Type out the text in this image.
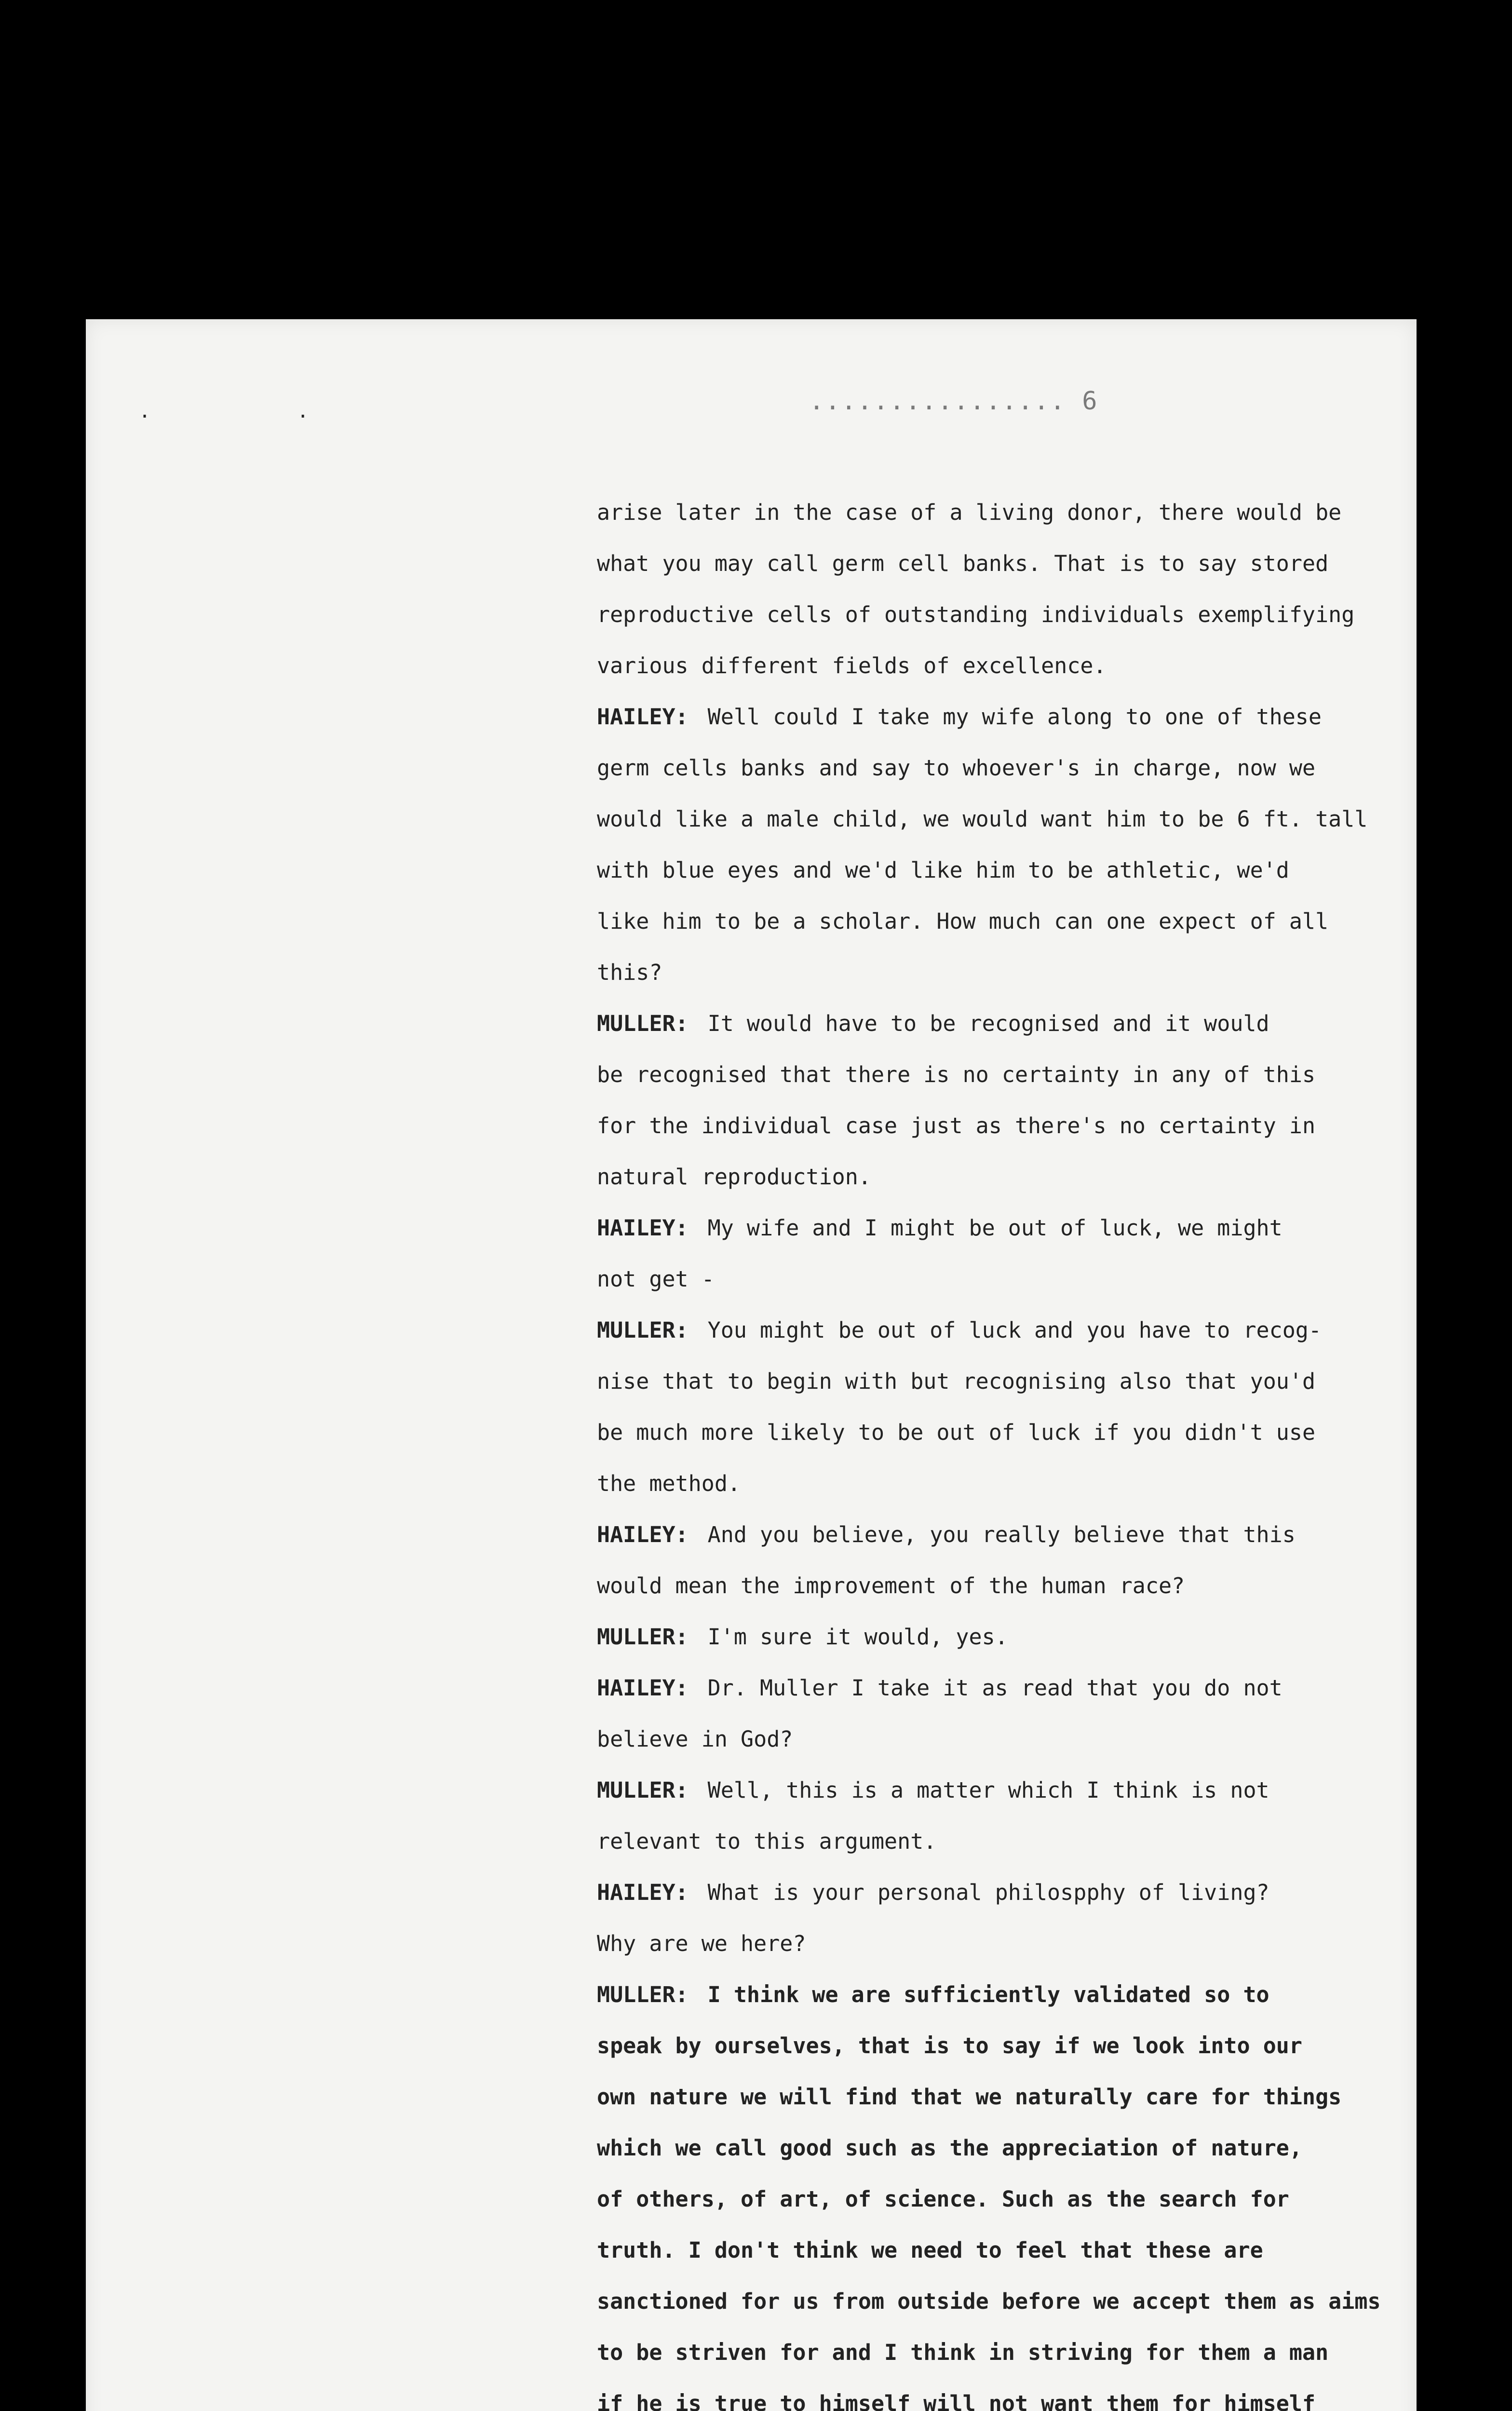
. .	................ 6
arise later in the case of a living donor, there would be
what you may call germ cell banks. That is to say stored
reproductive cells of outstanding individuals exemplifying
various different fields of excellence.
HAILEY: Well could I take my wife along to one of these
germ cells banks and say to whoever's in charge, now we
would like a male child, we would want him to be 6 ft. tall
with blue eyes and we'd like him to be athletic, we'd
like him to be a scholar. How much can one expect of all
this?
MULLER: It would have to be recognised and it would
be recognised that there is no certainty in any of this
for the individual case just as there's no certainty in
natural reproduction.
HAILEY: My wife and I might be out of luck, we might
not get -
MULLER: You might be out of luck and you have to recog-
nise that to begin with but recognising also that you'd
be much more likely to be out of luck if you didn't use
the method.
HAILEY: And you believe, you really believe that this
would mean the improvement of the human race?
MULLER: I'm sure it would, yes.
HAILEY: Dr. Muller I take it as read that you do not
believe in God?
MULLER: Well, this is a matter which I think is not
relevant to this argument.
HAILEY: What is your personal philospphy of living?
Why are we here?
MULLER: I think we are sufficiently validated so to
speak by ourselves, that is to say if we look into our
own nature we will find that we naturally care for things
which we call good such as the appreciation of nature,
of others, of art, of science. Such as the search for
truth. I don't think we need to feel that these are
sanctioned for us from outside before we accept them as aims
to be striven for and I think in striving for them a man
if he is true to himself will not want them for himself
